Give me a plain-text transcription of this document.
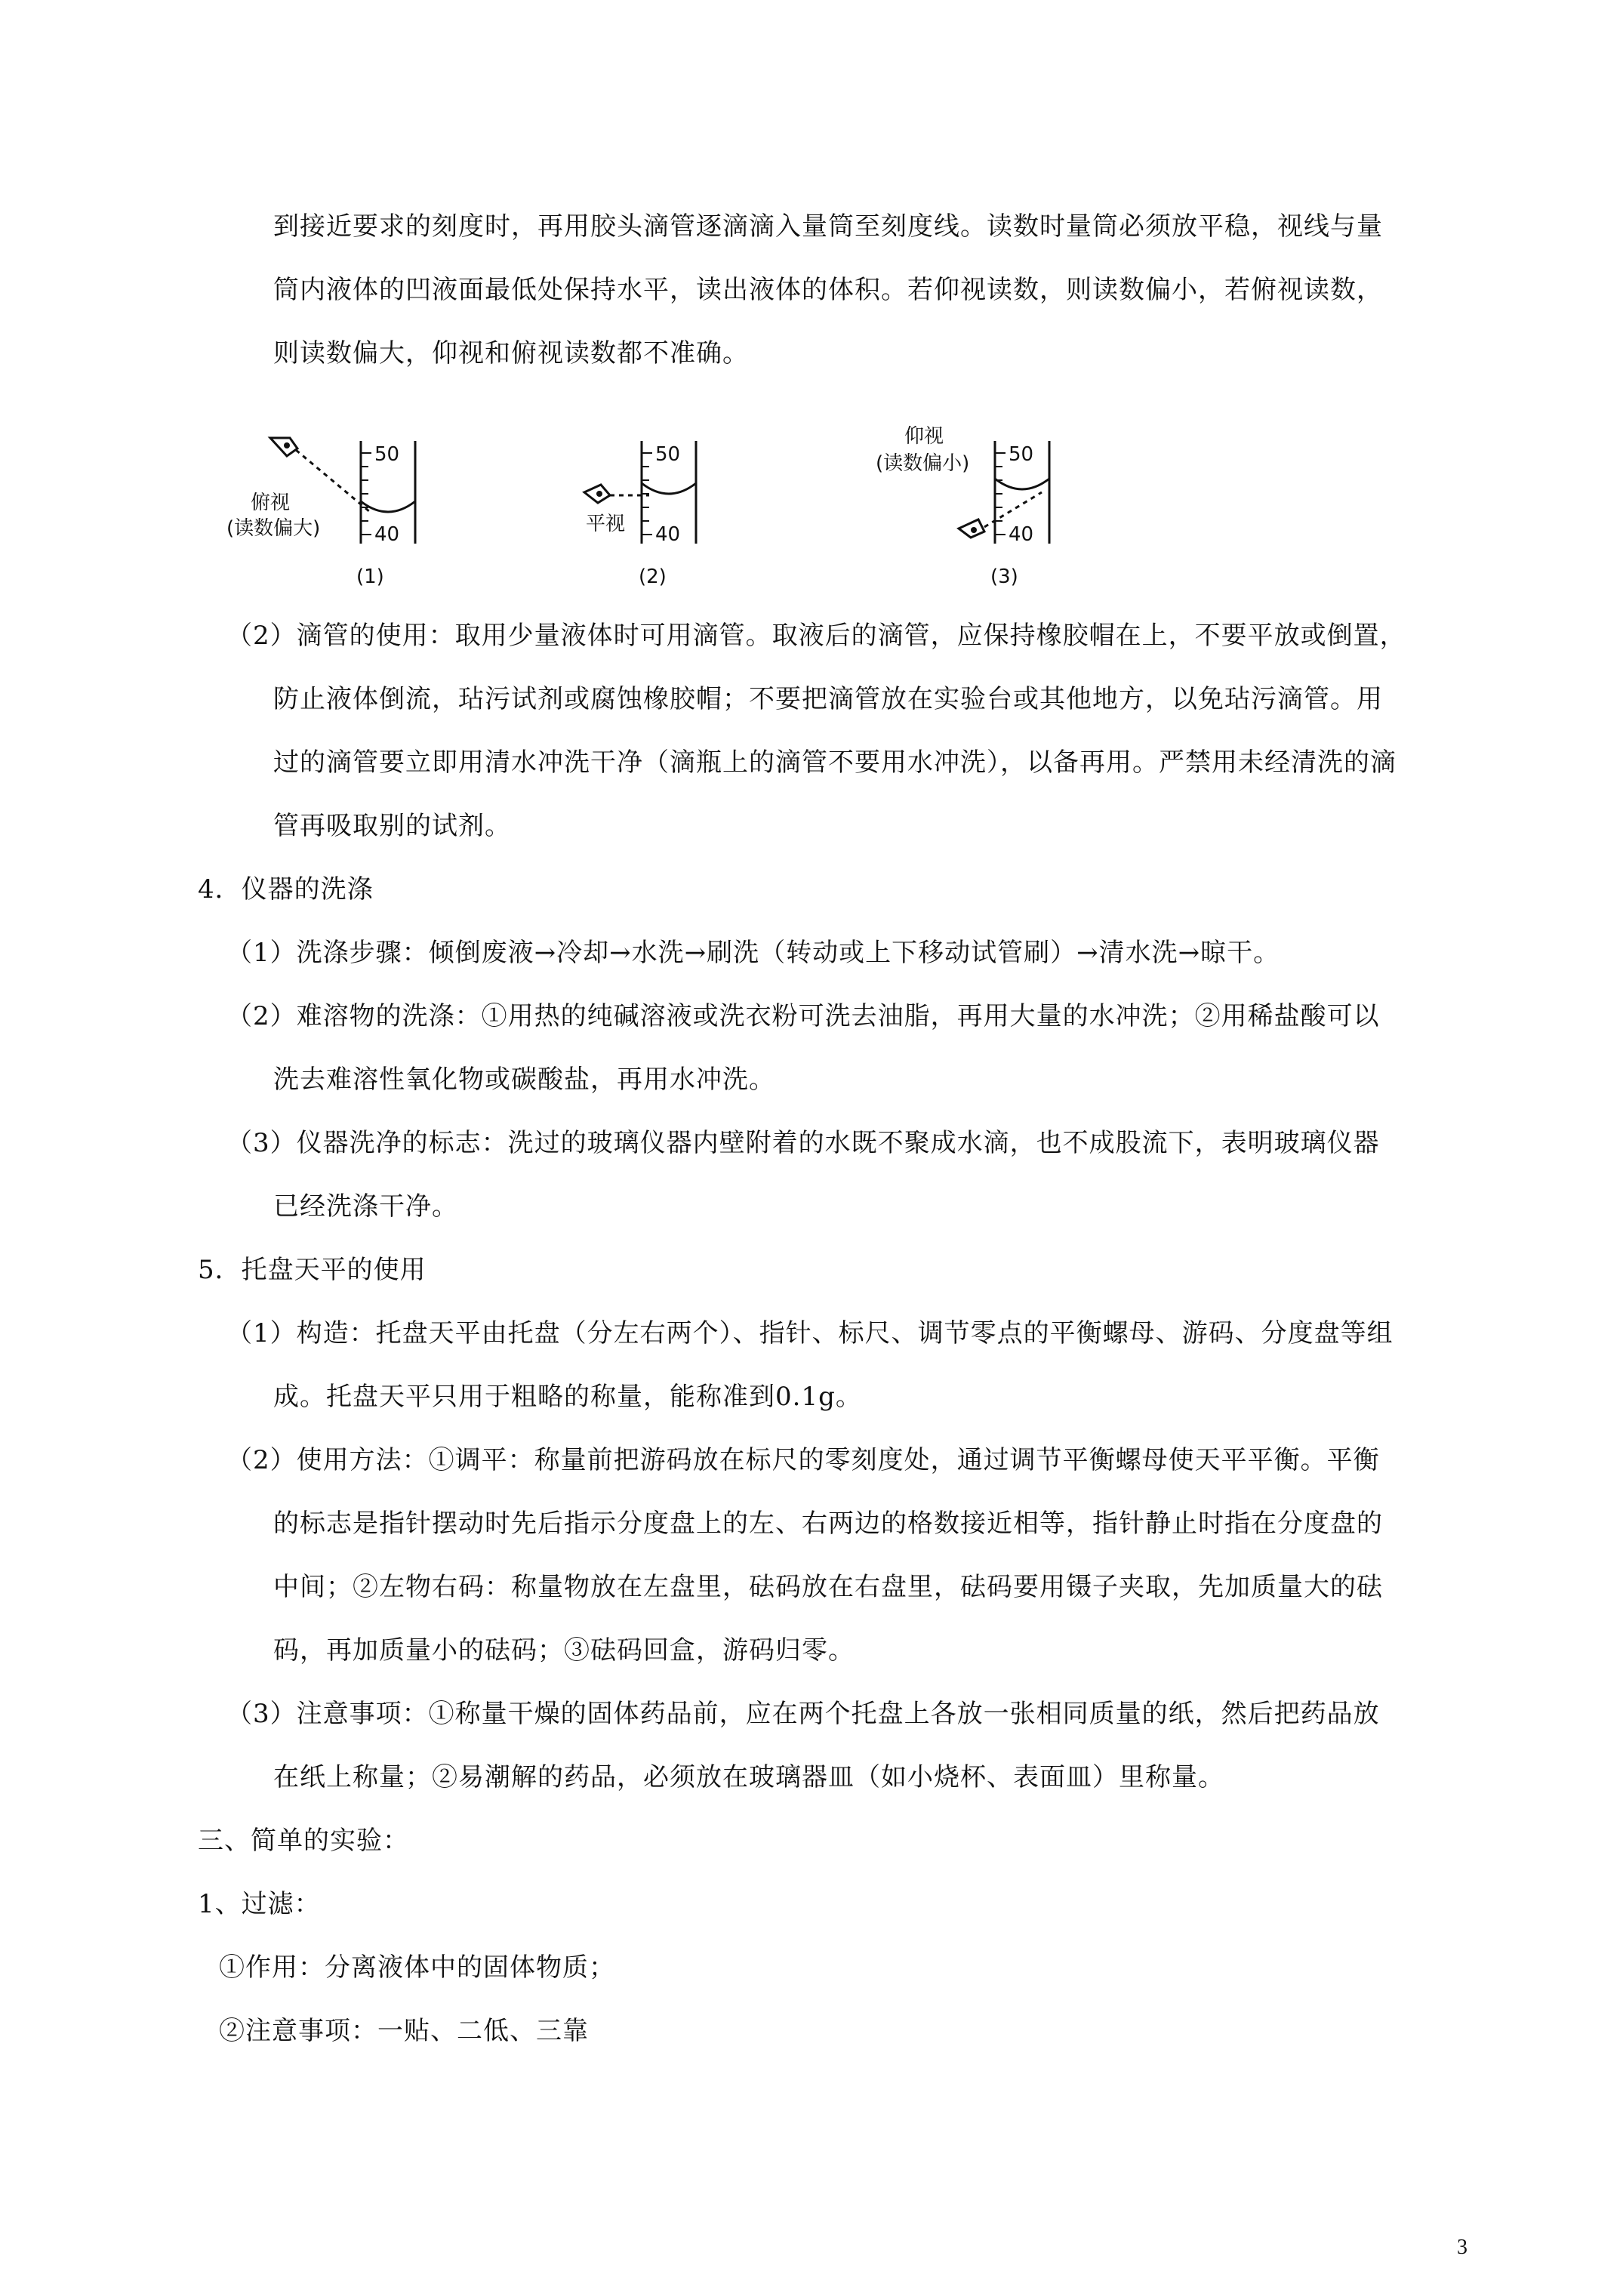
到接近要求的刻度时，再用胶头滴管逐滴滴入量筒至刻度线。读数时量筒必须放平稳，视线与量
筒内液体的凹液面最低处保持水平，读出液体的体积。若仰视读数，则读数偏小，若俯视读数，
则读数偏大，仰视和俯视读数都不准确。
50
40
俯视
(读数偏大)
(1)
50
40
平视
(2)
50
40
仰视
(读数偏小)
(3)
（2）滴管的使用：取用少量液体时可用滴管。取液后的滴管，应保持橡胶帽在上，不要平放或倒置，
防止液体倒流，玷污试剂或腐蚀橡胶帽；不要把滴管放在实验台或其他地方，以免玷污滴管。用
过的滴管要立即用清水冲洗干净（滴瓶上的滴管不要用水冲洗），以备再用。严禁用未经清洗的滴
管再吸取别的试剂。
4．仪器的洗涤
（1）洗涤步骤：倾倒废液→冷却→水洗→刷洗（转动或上下移动试管刷）→清水洗→晾干。
（2）难溶物的洗涤：①用热的纯碱溶液或洗衣粉可洗去油脂，再用大量的水冲洗；②用稀盐酸可以
洗去难溶性氧化物或碳酸盐，再用水冲洗。
（3）仪器洗净的标志：洗过的玻璃仪器内壁附着的水既不聚成水滴，也不成股流下，表明玻璃仪器
已经洗涤干净。
5．托盘天平的使用
（1）构造：托盘天平由托盘（分左右两个）、指针、标尺、调节零点的平衡螺母、游码、分度盘等组
成。托盘天平只用于粗略的称量，能称准到0.1g。
（2）使用方法：①调平：称量前把游码放在标尺的零刻度处，通过调节平衡螺母使天平平衡。平衡
的标志是指针摆动时先后指示分度盘上的左、右两边的格数接近相等，指针静止时指在分度盘的
中间；②左物右码：称量物放在左盘里，砝码放在右盘里，砝码要用镊子夹取，先加质量大的砝
码，再加质量小的砝码；③砝码回盒，游码归零。
（3）注意事项：①称量干燥的固体药品前，应在两个托盘上各放一张相同质量的纸，然后把药品放
在纸上称量；②易潮解的药品，必须放在玻璃器皿（如小烧杯、表面皿）里称量。
三、简单的实验：
1、过滤：
①作用：分离液体中的固体物质；
②注意事项：一贴、二低、三靠
3
